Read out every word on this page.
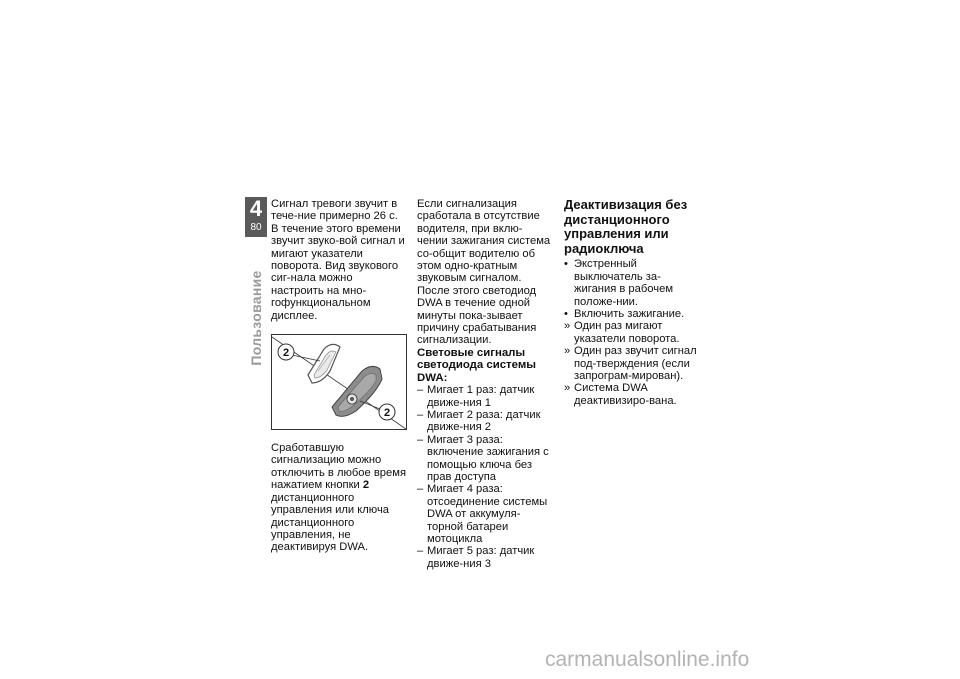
4
80
Пользование

Сигнал тревоги звучит в тече-ние примерно 26 с. В течение этого времени звучит звуко-вой сигнал и мигают указатели поворота. Вид звукового сиг-нала можно настроить на мно-гофункциональном дисплее.

2
2

Сработавшую сигнализацию можно отключить в любое время нажатием кнопки 2 дистанционного управления или ключа дистанционного управления, не деактивируя DWA.

Если сигнализация сработала в отсутствие водителя, при вклю-чении зажигания система со-общит водителю об этом одно-кратным звуковым сигналом. После этого светодиод DWA в течение одной минуты пока-зывает причину срабатывания сигнализации.

Световые сигналы светодиода системы DWA:

– Мигает 1 раз: датчик движе-ния 1
– Мигает 2 раза: датчик движе-ния 2
– Мигает 3 раза: включение зажигания с помощью ключа без прав доступа
– Мигает 4 раза: отсоединение системы DWA от аккумуля-торной батареи мотоцикла
– Мигает 5 раз: датчик движе-ния 3

Деактивизация без дистанционного управления или радиоключа

• Экстренный выключатель за-жигания в рабочем положе-нии.
• Включить зажигание.
» Один раз мигают указатели поворота.
» Один раз звучит сигнал под-тверждения (если запрограм-мирован).
» Система DWA деактивизиро-вана.
carmanualsonline.info
